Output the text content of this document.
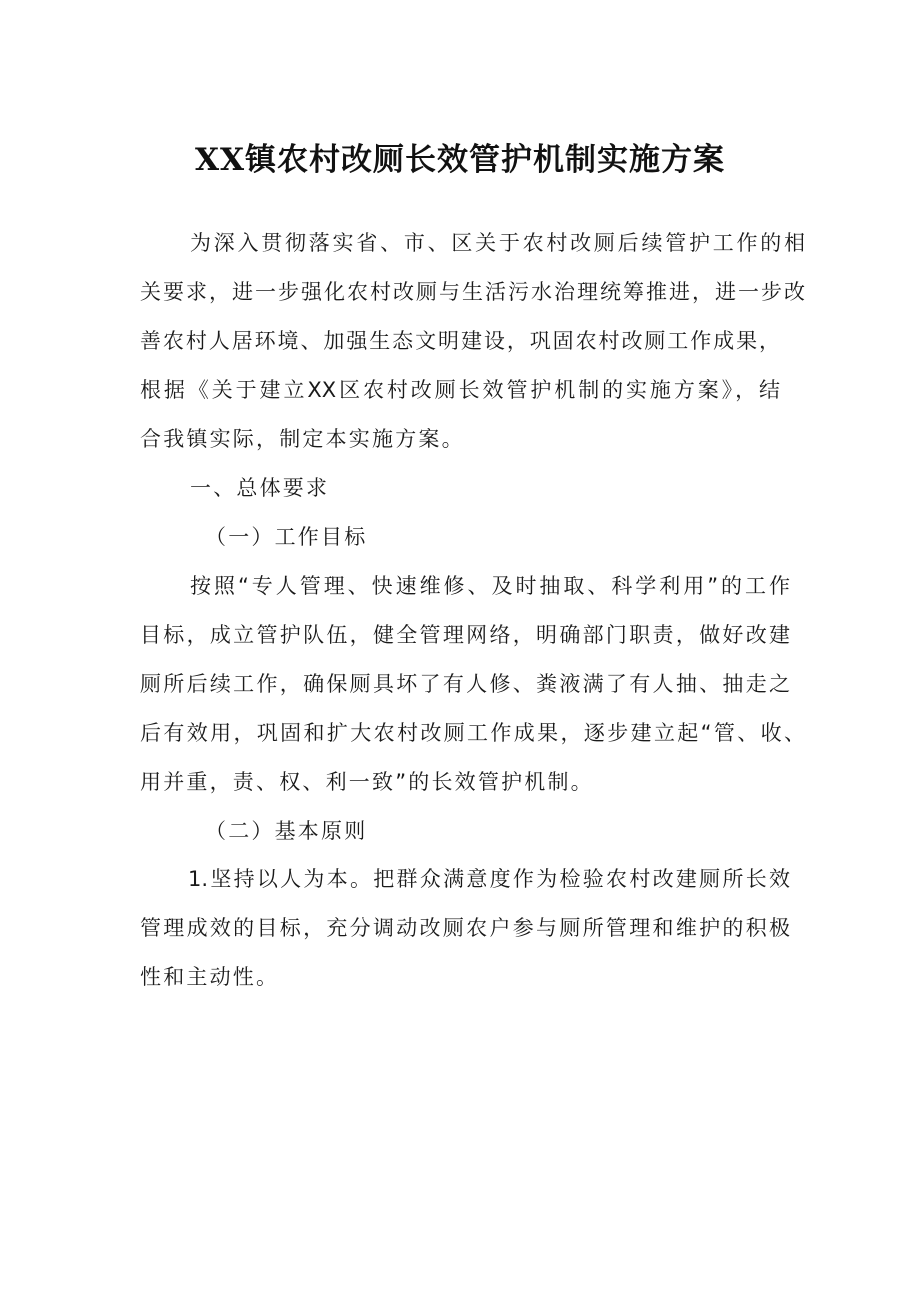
XX镇农村改厕长效管护机制实施方案
为深入贯彻落实省、市、区关于农村改厕后续管护工作的相
关要求，进一步强化农村改厕与生活污水治理统筹推进，进一步改
善农村人居环境、加强生态文明建设，巩固农村改厕工作成果，
根据《关于建立XX区农村改厕长效管护机制的实施方案》，结
合我镇实际，制定本实施方案。
一、总体要求
（一）工作目标
按照“专人管理、快速维修、及时抽取、科学利用”的工作
目标，成立管护队伍，健全管理网络，明确部门职责，做好改建
厕所后续工作，确保厕具坏了有人修、粪液满了有人抽、抽走之
后有效用，巩固和扩大农村改厕工作成果，逐步建立起“管、收、
用并重，责、权、利一致”的长效管护机制。
（二）基本原则
1.坚持以人为本。把群众满意度作为检验农村改建厕所长效
管理成效的目标，充分调动改厕农户参与厕所管理和维护的积极
性和主动性。
